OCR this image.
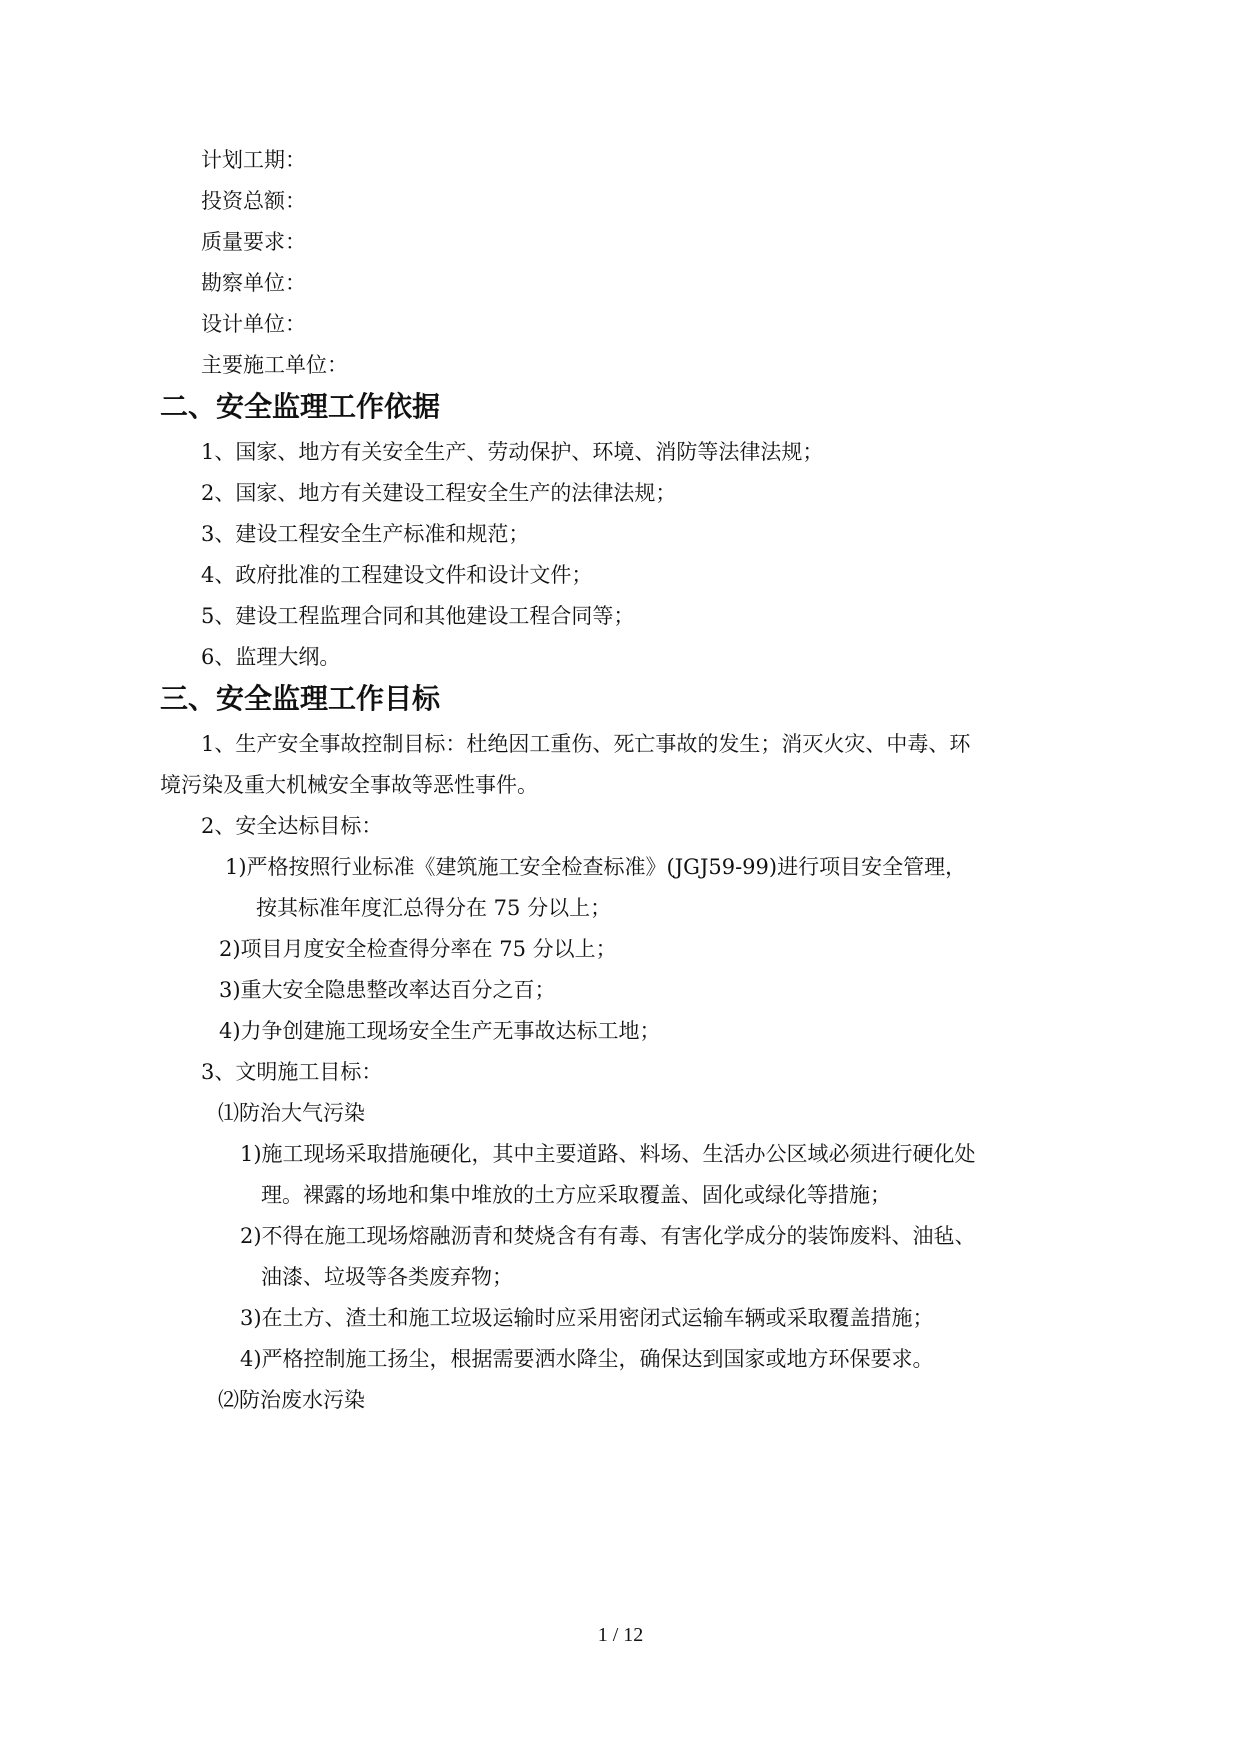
计划工期：
投资总额：
质量要求：
勘察单位：
设计单位：
主要施工单位：
二、安全监理工作依据
1、国家、地方有关安全生产、劳动保护、环境、消防等法律法规；
2、国家、地方有关建设工程安全生产的法律法规；
3、建设工程安全生产标准和规范；
4、政府批准的工程建设文件和设计文件；
5、建设工程监理合同和其他建设工程合同等；
6、监理大纲。
三、安全监理工作目标
1、生产安全事故控制目标：杜绝因工重伤、死亡事故的发生；消灭火灾、中毒、环
境污染及重大机械安全事故等恶性事件。
2、安全达标目标：
1)严格按照行业标准《建筑施工安全检查标准》(JGJ59-99)进行项目安全管理，
按其标准年度汇总得分在 75 分以上；
2)项目月度安全检查得分率在 75 分以上；
3)重大安全隐患整改率达百分之百；
4)力争创建施工现场安全生产无事故达标工地；
3、文明施工目标：
⑴防治大气污染
1)施工现场采取措施硬化，其中主要道路、料场、生活办公区域必须进行硬化处
理。裸露的场地和集中堆放的土方应采取覆盖、固化或绿化等措施；
2)不得在施工现场熔融沥青和焚烧含有有毒、有害化学成分的装饰废料、油毡、
油漆、垃圾等各类废弃物；
3)在土方、渣土和施工垃圾运输时应采用密闭式运输车辆或采取覆盖措施；
4)严格控制施工扬尘，根据需要洒水降尘，确保达到国家或地方环保要求。
⑵防治废水污染
1 / 12
